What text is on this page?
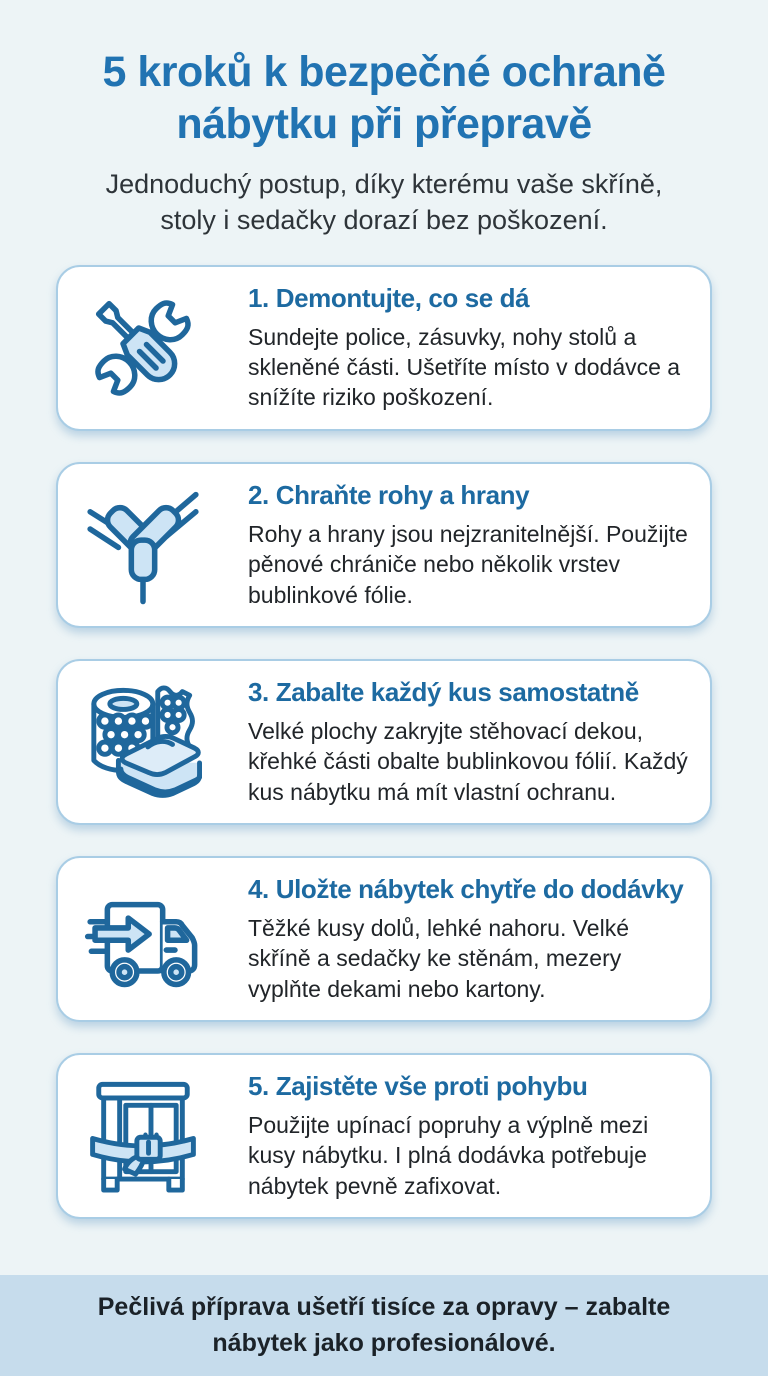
5 kroků k bezpečné ochraně
nábytku při přepravě

Jednoduchý postup, díky kterému vaše skříně,
stoly i sedačky dorazí bez poškození.

1. Demontujte, co se dá

Sundejte police, zásuvky, nohy stolů a skleněné části. Ušetříte místo v dodávce a snížíte riziko poškození.

2. Chraňte rohy a hrany

Rohy a hrany jsou nejzranitelnější. Použijte pěnové chrániče nebo několik vrstev bublinkové fólie.

3. Zabalte každý kus samostatně

Velké plochy zakryjte stěhovací dekou, křehké části obalte bublinkovou fólií. Každý kus nábytku má mít vlastní ochranu.

4. Uložte nábytek chytře do dodávky

Těžké kusy dolů, lehké nahoru. Velké skříně a sedačky ke stěnám, mezery vyplňte dekami nebo kartony.

5. Zajistěte vše proti pohybu

Použijte upínací popruhy a výplně mezi kusy nábytku. I plná dodávka potřebuje nábytek pevně zafixovat.

Pečlivá příprava ušetří tisíce za opravy – zabalte
nábytek jako profesionálové.
